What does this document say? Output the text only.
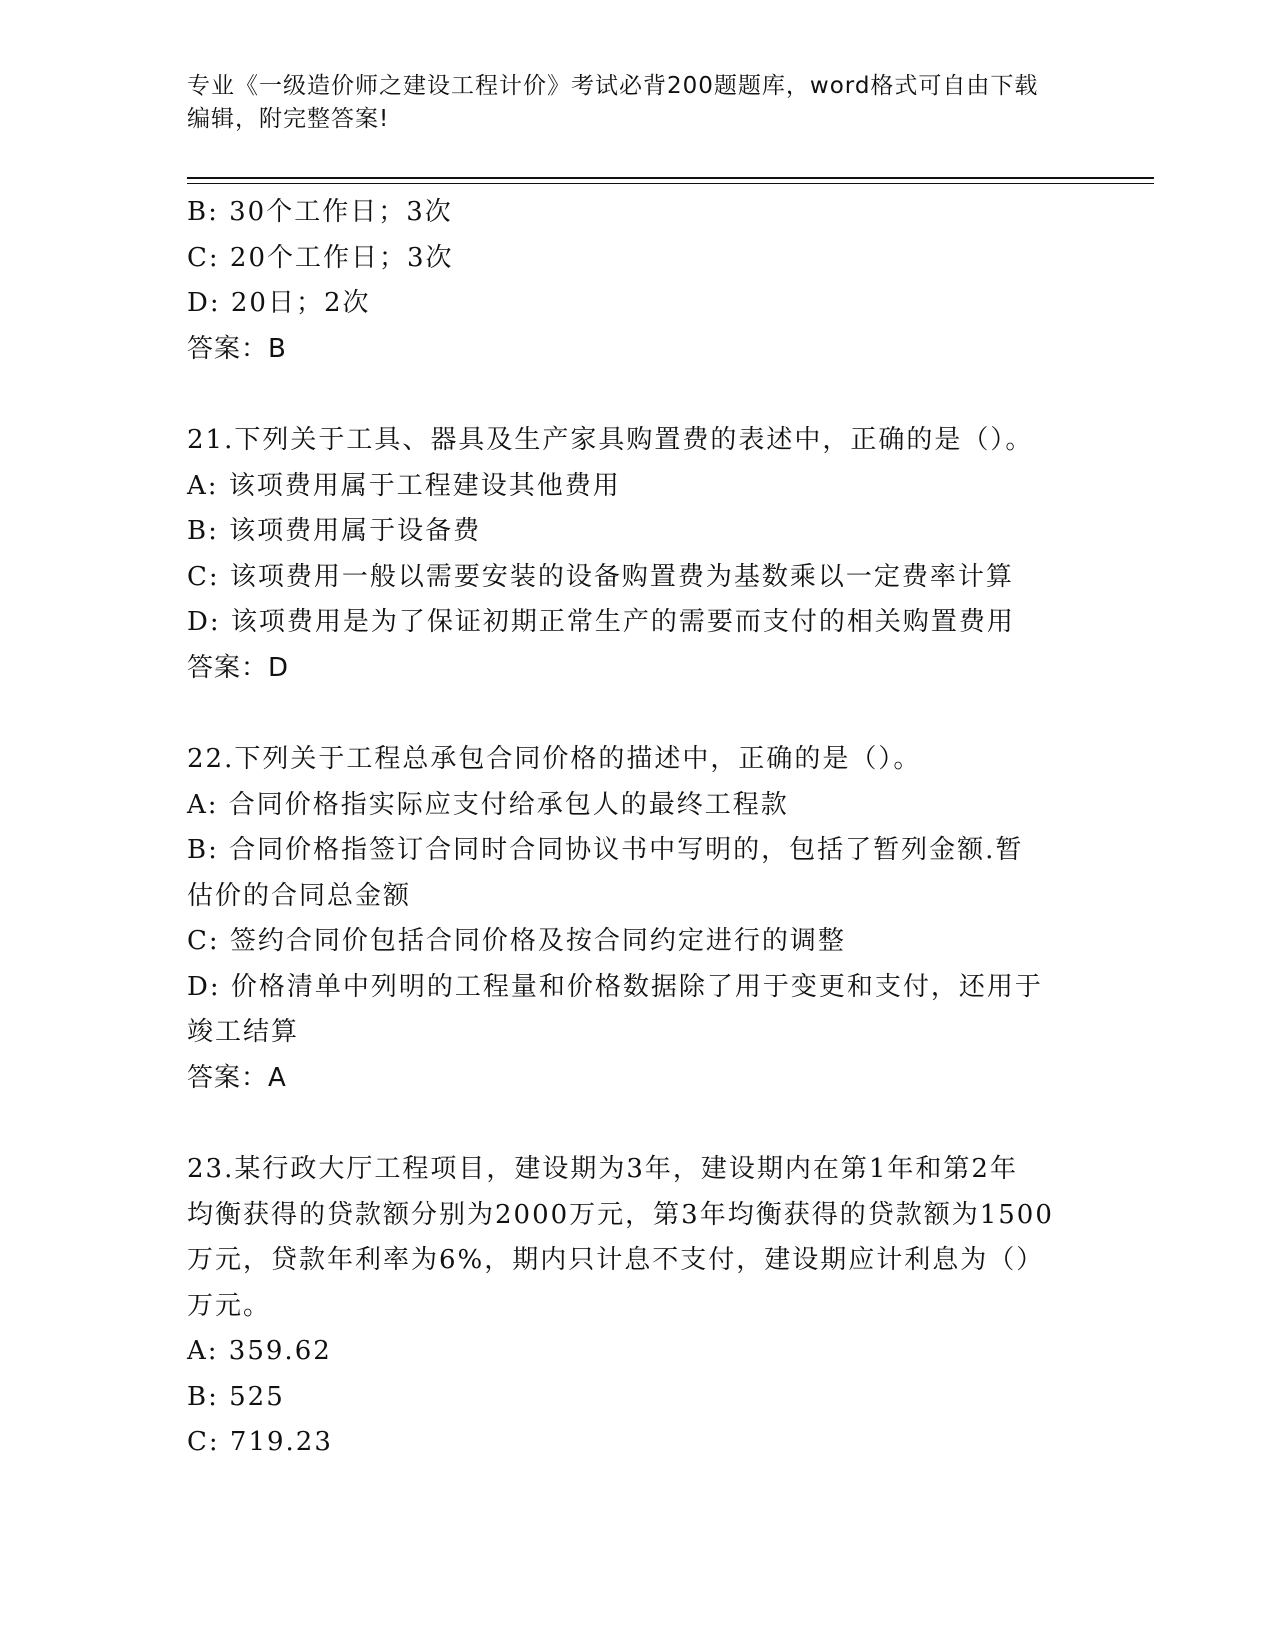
专业《一级造价师之建设工程计价》考试必背200题题库，word格式可自由下载
编辑，附完整答案!
B: 30个工作日；3次
C: 20个工作日；3次
D: 20日；2次
答案：B
21.下列关于工具、器具及生产家具购置费的表述中，正确的是（）。
A: 该项费用属于工程建设其他费用
B: 该项费用属于设备费
C: 该项费用一般以需要安装的设备购置费为基数乘以一定费率计算
D: 该项费用是为了保证初期正常生产的需要而支付的相关购置费用
答案：D
22.下列关于工程总承包合同价格的描述中，正确的是（）。
A: 合同价格指实际应支付给承包人的最终工程款
B: 合同价格指签订合同时合同协议书中写明的，包括了暂列金额.暂
估价的合同总金额
C: 签约合同价包括合同价格及按合同约定进行的调整
D: 价格清单中列明的工程量和价格数据除了用于变更和支付，还用于
竣工结算
答案：A
23.某行政大厅工程项目，建设期为3年，建设期内在第1年和第2年
均衡获得的贷款额分别为2000万元，第3年均衡获得的贷款额为1500
万元，贷款年利率为6%，期内只计息不支付，建设期应计利息为（）
万元。
A: 359.62
B: 525
C: 719.23
